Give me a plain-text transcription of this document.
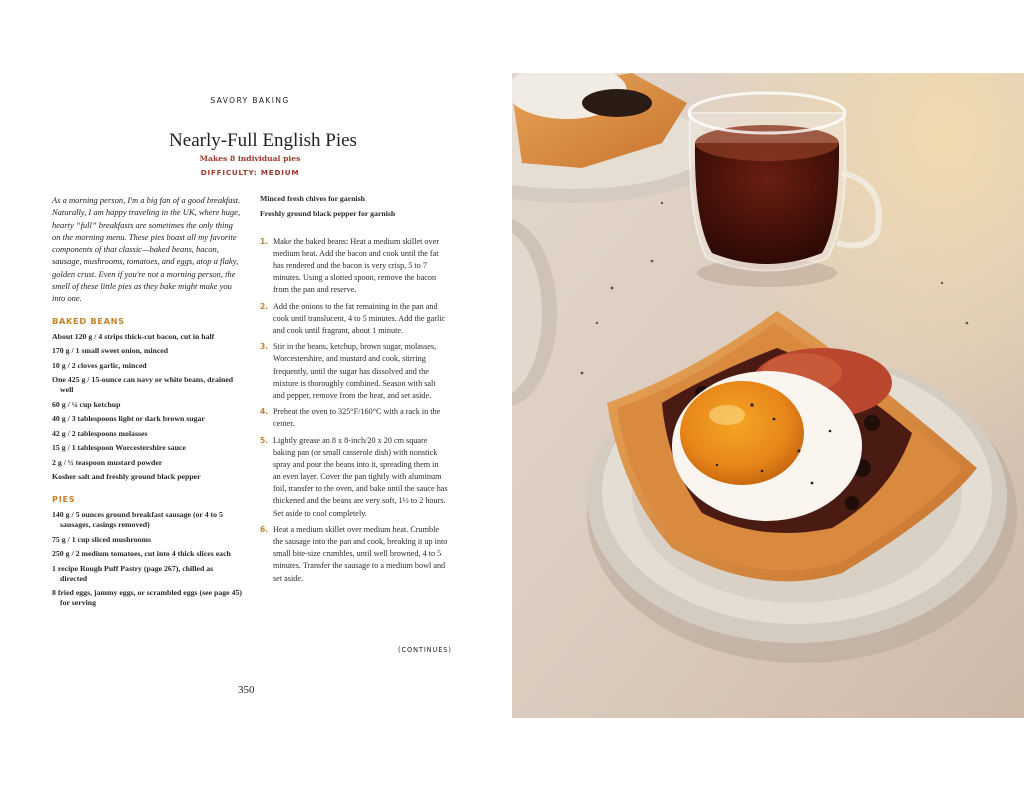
SAVORY BAKING
Nearly-Full English Pies
Makes 8 individual pies
DIFFICULTY: MEDIUM

As a morning person, I'm a big fan of a good breakfast. Naturally, I am happy traveling in the UK, where huge, hearty “full” breakfasts are sometimes the only thing on the morning menu. These pies boast all my favorite components of that classic—baked beans, bacon, sausage, mushrooms, tomatoes, and eggs, atop a flaky, golden crust. Even if you're not a morning person, the smell of these little pies as they bake might make you into one.

BAKED BEANS

About 120 g / 4 strips thick-cut bacon, cut in half
170 g / 1 small sweet onion, minced
10 g / 2 cloves garlic, minced
One 425 g / 15-ounce can navy or white beans, drained well
60 g / ¼ cup ketchup
40 g / 3 tablespoons light or dark brown sugar
42 g / 2 tablespoons molasses
15 g / 1 tablespoon Worcestershire sauce
2 g / ½ teaspoon mustard powder
Kosher salt and freshly ground black pepper

PIES

140 g / 5 ounces ground breakfast sausage (or 4 to 5 sausages, casings removed)
75 g / 1 cup sliced mushrooms
250 g / 2 medium tomatoes, cut into 4 thick slices each
1 recipe Rough Puff Pastry (page 267), chilled as directed
8 fried eggs, jammy eggs, or scrambled eggs (see page 45) for serving

Minced fresh chives for garnish

Freshly ground black pepper for garnish

1. Make the baked beans: Heat a medium skillet over medium heat. Add the bacon and cook until the fat has rendered and the bacon is very crisp, 5 to 7 minutes. Using a slotted spoon, remove the bacon from the pan and reserve.
2. Add the onions to the fat remaining in the pan and cook until translucent, 4 to 5 minutes. Add the garlic and cook until fragrant, about 1 minute.
3. Stir in the beans, ketchup, brown sugar, molasses, Worcestershire, and mustard and cook, stirring frequently, until the sugar has dissolved and the mixture is thoroughly combined. Season with salt and pepper, remove from the heat, and set aside.
4. Preheat the oven to 325°F/160°C with a rack in the center.
5. Lightly grease an 8 x 8-inch/20 x 20 cm square baking pan (or small casserole dish) with nonstick spray and pour the beans into it, spreading them in an even layer. Cover the pan tightly with aluminum foil, transfer to the oven, and bake until the sauce has thickened and the beans are very soft, 1½ to 2 hours. Set aside to cool completely.
6. Heat a medium skillet over medium heat. Crumble the sausage into the pan and cook, breaking it up into small bite-size crumbles, until well browned, 4 to 5 minutes. Transfer the sausage to a medium bowl and set aside.
(CONTINUES)
350
